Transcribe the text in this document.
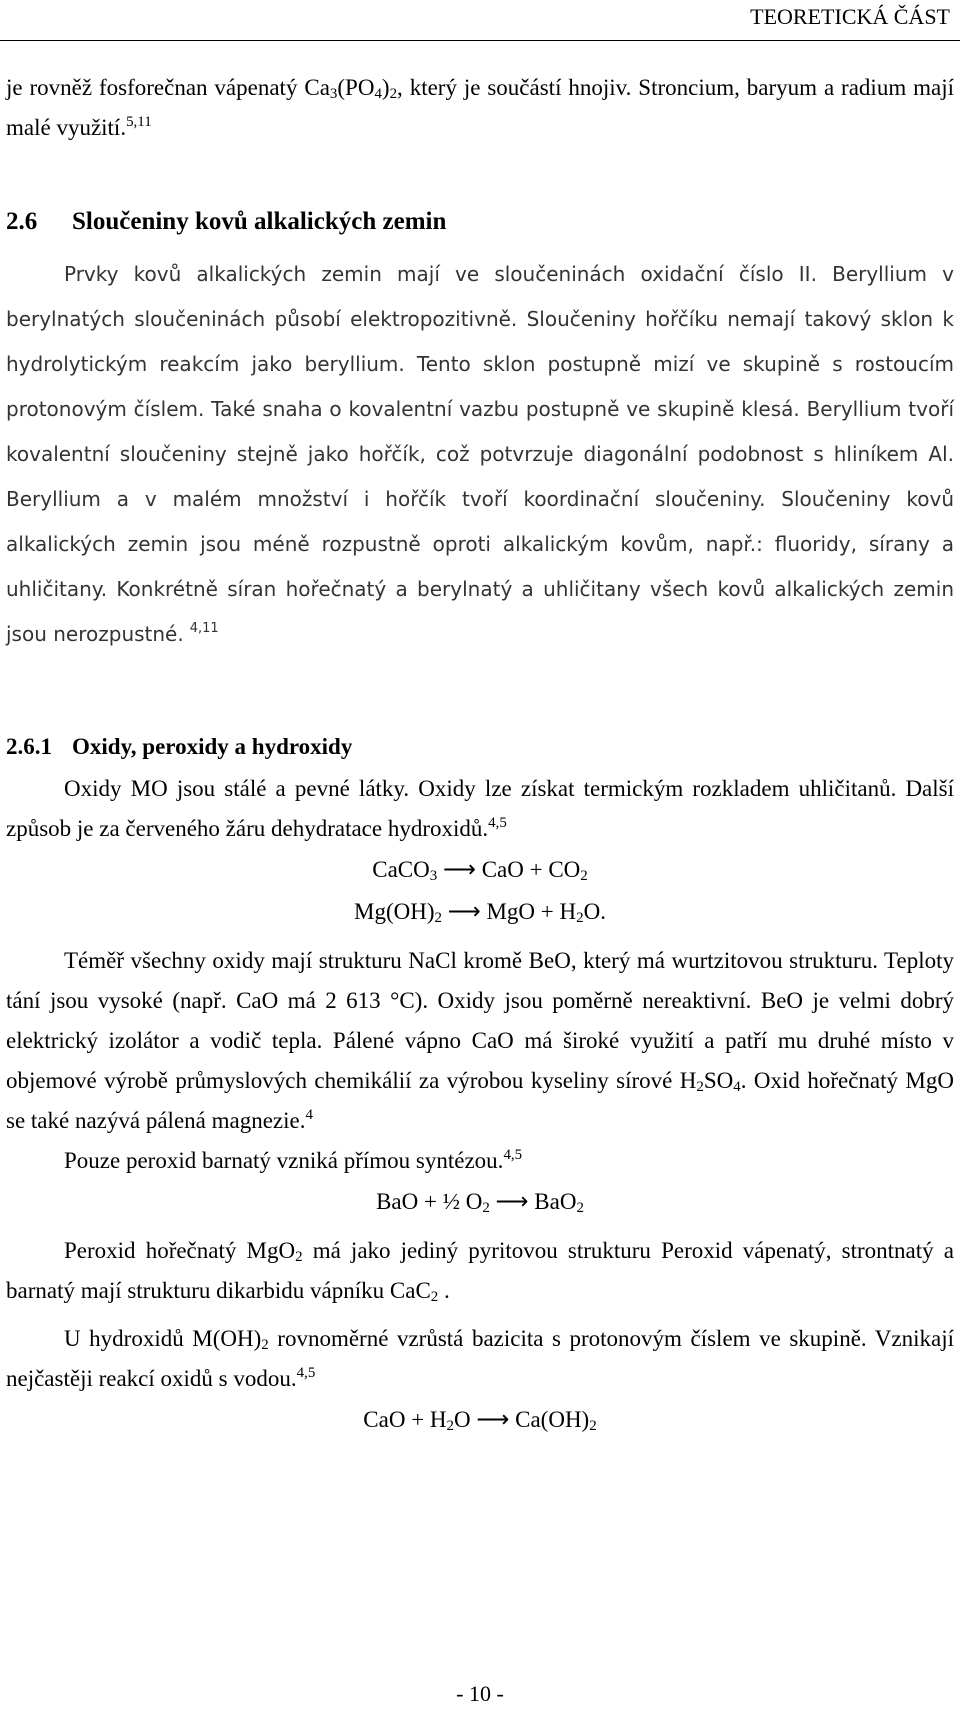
TEORETICKÁ ČÁST

je rovněž fosforečnan vápenatý $Ca_3(PO_4)_2$, který je součástí hnojiv. Stroncium, baryum a radium mají malé využití.$^{5,11}$

2.6 Sloučeniny kovů alkalických zemin

Prvky kovů alkalických zemin mají ve sloučeninách oxidační číslo II. Beryllium v berylnatých sloučeninách působí elektropozitivně. Sloučeniny hořčíku nemají takový sklon k hydrolytickým reakcím jako beryllium. Tento sklon postupně mizí ve skupině s rostoucím protonovým číslem. Také snaha o kovalentní vazbu postupně ve skupině klesá. Beryllium tvoří kovalentní sloučeniny stejně jako hořčík, což potvrzuje diagonální podobnost s hliníkem Al. Beryllium a v malém množství i hořčík tvoří koordinační sloučeniny. Sloučeniny kovů alkalických zemin jsou méně rozpustně oproti alkalickým kovům, např.: fluoridy, sírany a uhličitany. Konkrétně síran hořečnatý a berylnatý a uhličitany všech kovů alkalických zemin jsou nerozpustné. $^{4,11}$

2.6.1 Oxidy, peroxidy a hydroxidy

Oxidy MO jsou stálé a pevné látky. Oxidy lze získat termickým rozkladem uhličitanů. Další způsob je za červeného žáru dehydratace hydroxidů.$^{4,5}$

CaCO$_3$ ⟶ CaO + $CO_2$

$Mg(OH)_2$ ⟶ MgO + $H_2O$.

Téměř všechny oxidy mají strukturu NaCl kromě BeO, který má wurtzitovou strukturu. Teploty tání jsou vysoké (např. CaO má 2 613 °C). Oxidy jsou poměrně nereaktivní. BeO je velmi dobrý elektrický izolátor a vodič tepla. Pálené vápno CaO má široké využití a patří mu druhé místo v objemové výrobě průmyslových chemikálií za výrobou kyseliny sírové $H_2SO_4$. Oxid hořečnatý MgO se také nazývá pálená magnezie.$^4$

Pouze peroxid barnatý vzniká přímou syntézou.$^{4,5}$

BaO + ½ $O_2$ ⟶ BaO$_2$

Peroxid hořečnatý MgO$_2$ má jako jediný pyritovou strukturu Peroxid vápenatý, strontnatý a barnatý mají strukturu dikarbidu vápníku CaC$_2$ .

U hydroxidů $M(OH)_2$ rovnoměrné vzrůstá bazicita s protonovým číslem ve skupině. Vznikají nejčastěji reakcí oxidů s vodou.$^{4,5}$

CaO + $H_2O$ ⟶ $Ca(OH)_2$

- 10 -
